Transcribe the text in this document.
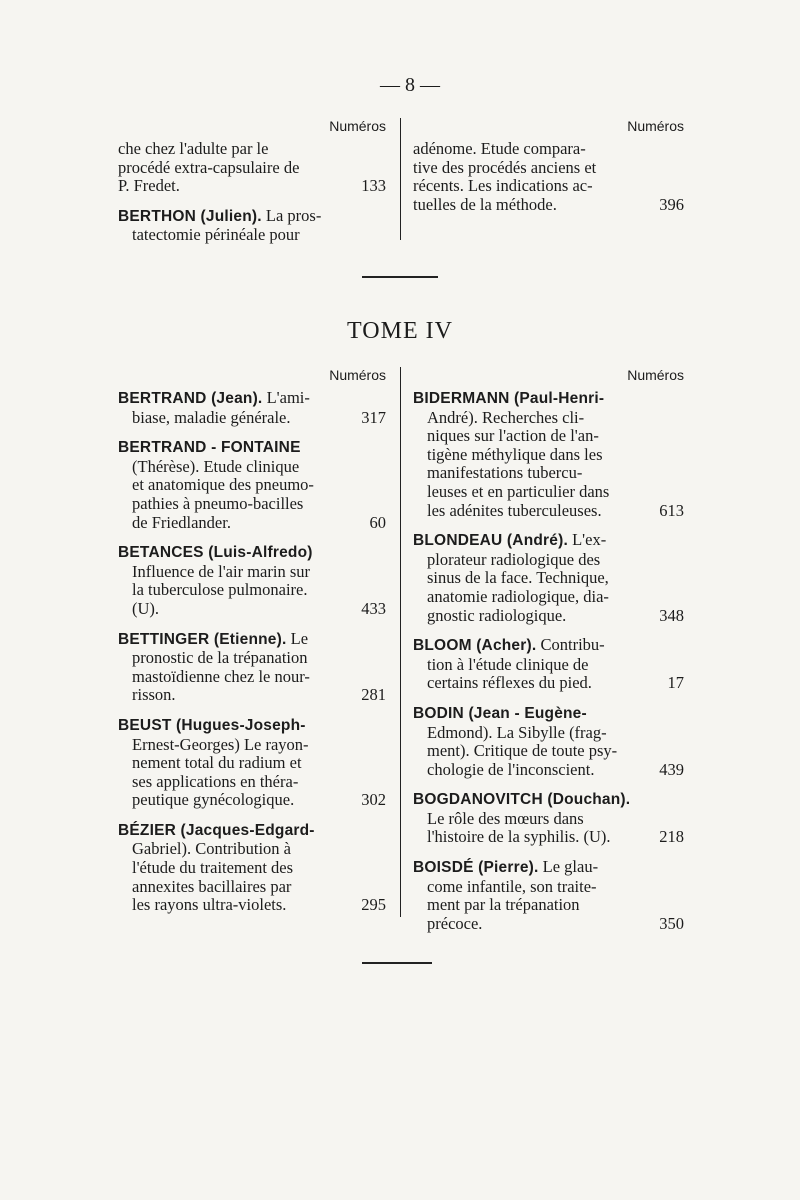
— 8 —
Numéros
che chez l'adulte par le
procédé extra-capsulaire de
133
P. Fredet.
BERTHON (Julien). La pros-
tatectomie périnéale pour
Numéros
adénome. Etude compara-
tive des procédés anciens et
récents. Les indications ac-
396
tuelles de la méthode.
TOME IV
Numéros
BERTRAND (Jean). L'ami-
317
biase, maladie générale.
BERTRAND - FONTAINE
(Thérèse). Etude clinique
et anatomique des pneumo-
pathies à pneumo-bacilles
60
de Friedlander.
BETANCES (Luis-Alfredo)
Influence de l'air marin sur
la tuberculose pulmonaire.
433
(U).
BETTINGER (Etienne). Le
pronostic de la trépanation
mastoïdienne chez le nour-
281
risson.
BEUST (Hugues-Joseph-
Ernest-Georges) Le rayon-
nement total du radium et
ses applications en théra-
302
peutique gynécologique.
BÉZIER (Jacques-Edgard-
Gabriel). Contribution à
l'étude du traitement des
annexites bacillaires par
295
les rayons ultra-violets.
Numéros
BIDERMANN (Paul-Henri-
André). Recherches cli-
niques sur l'action de l'an-
tigène méthylique dans les
manifestations tubercu-
leuses et en particulier dans
613
les adénites tuberculeuses.
BLONDEAU (André). L'ex-
plorateur radiologique des
sinus de la face. Technique,
anatomie radiologique, dia-
348
gnostic radiologique.
BLOOM (Acher). Contribu-
tion à l'étude clinique de
17
certains réflexes du pied.
BODIN (Jean - Eugène-
Edmond). La Sibylle (frag-
ment). Critique de toute psy-
439
chologie de l'inconscient.
BOGDANOVITCH (Douchan).
Le rôle des mœurs dans
218
l'histoire de la syphilis. (U).
BOISDÉ (Pierre). Le glau-
come infantile, son traite-
ment par la trépanation
350
précoce.
